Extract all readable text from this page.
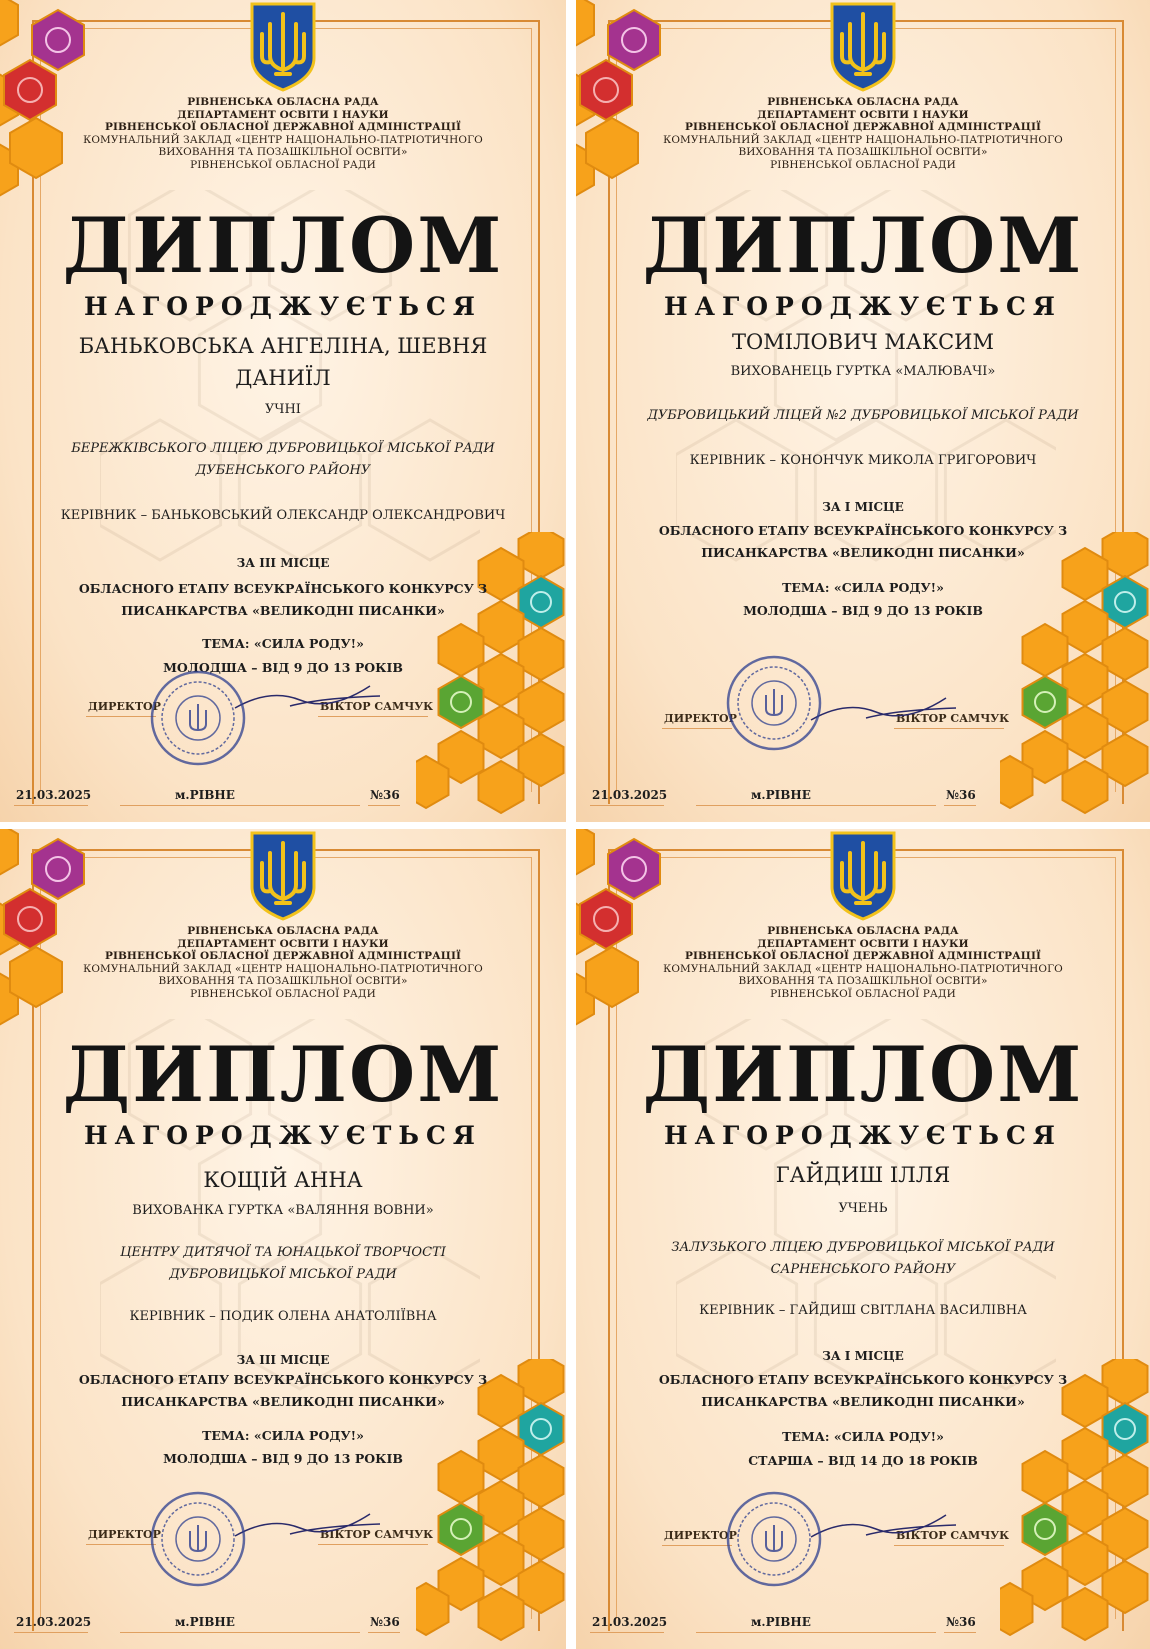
РІВНЕНСЬКА ОБЛАСНА РАДА
ДЕПАРТАМЕНТ ОСВІТИ І НАУКИ
РІВНЕНСЬКОЇ ОБЛАСНОЇ ДЕРЖАВНОЇ АДМІНІСТРАЦІЇ
КОМУНАЛЬНИЙ ЗАКЛАД «ЦЕНТР НАЦІОНАЛЬНО-ПАТРІОТИЧНОГО
ВИХОВАННЯ ТА ПОЗАШКІЛЬНОЇ ОСВІТИ»
РІВНЕНСЬКОЇ ОБЛАСНОЇ РАДИ
ДИПЛОМ
НАГОРОДЖУЄТЬСЯ
БАНЬКОВСЬКА АНГЕЛІНА, ШЕВНЯ
ДАНИЇЛ
УЧНІ
БЕРЕЖКІВСЬКОГО ЛІЦЕЮ ДУБРОВИЦЬКОЇ МІСЬКОЇ РАДИ
ДУБЕНСЬКОГО РАЙОНУ
КЕРІВНИК – БАНЬКОВСЬКИЙ ОЛЕКСАНДР ОЛЕКСАНДРОВИЧ
ЗА ІІІ МІСЦЕ
ОБЛАСНОГО ЕТАПУ ВСЕУКРАЇНСЬКОГО КОНКУРСУ З
ПИСАНКАРСТВА «ВЕЛИКОДНІ ПИСАНКИ»
ТЕМА: «СИЛА РОДУ!»
МОЛОДША – ВІД 9 ДО 13 РОКІВ
ДИРЕКТОР	ВІКТОР САМЧУК
21.03.2025	м.РІВНЕ	№36
РІВНЕНСЬКА ОБЛАСНА РАДА
ДЕПАРТАМЕНТ ОСВІТИ І НАУКИ
РІВНЕНСЬКОЇ ОБЛАСНОЇ ДЕРЖАВНОЇ АДМІНІСТРАЦІЇ
КОМУНАЛЬНИЙ ЗАКЛАД «ЦЕНТР НАЦІОНАЛЬНО-ПАТРІОТИЧНОГО
ВИХОВАННЯ ТА ПОЗАШКІЛЬНОЇ ОСВІТИ»
РІВНЕНСЬКОЇ ОБЛАСНОЇ РАДИ
ДИПЛОМ
НАГОРОДЖУЄТЬСЯ
ТОМІЛОВИЧ МАКСИМ
ВИХОВАНЕЦЬ ГУРТКА «МАЛЮВАЧІ»
ДУБРОВИЦЬКИЙ ЛІЦЕЙ №2 ДУБРОВИЦЬКОЇ МІСЬКОЇ РАДИ
КЕРІВНИК – КОНОНЧУК МИКОЛА ГРИГОРОВИЧ
ЗА І МІСЦЕ
ОБЛАСНОГО ЕТАПУ ВСЕУКРАЇНСЬКОГО КОНКУРСУ З
ПИСАНКАРСТВА «ВЕЛИКОДНІ ПИСАНКИ»
ТЕМА: «СИЛА РОДУ!»
МОЛОДША – ВІД 9 ДО 13 РОКІВ
ДИРЕКТОР	ВІКТОР САМЧУК
21.03.2025	м.РІВНЕ	№36
РІВНЕНСЬКА ОБЛАСНА РАДА
ДЕПАРТАМЕНТ ОСВІТИ І НАУКИ
РІВНЕНСЬКОЇ ОБЛАСНОЇ ДЕРЖАВНОЇ АДМІНІСТРАЦІЇ
КОМУНАЛЬНИЙ ЗАКЛАД «ЦЕНТР НАЦІОНАЛЬНО-ПАТРІОТИЧНОГО
ВИХОВАННЯ ТА ПОЗАШКІЛЬНОЇ ОСВІТИ»
РІВНЕНСЬКОЇ ОБЛАСНОЇ РАДИ
ДИПЛОМ
НАГОРОДЖУЄТЬСЯ
КОЩІЙ АННА
ВИХОВАНКА ГУРТКА «ВАЛЯННЯ ВОВНИ»
ЦЕНТРУ ДИТЯЧОЇ ТА ЮНАЦЬКОЇ ТВОРЧОСТІ
ДУБРОВИЦЬКОЇ МІСЬКОЇ РАДИ
КЕРІВНИК – ПОДИК ОЛЕНА АНАТОЛІЇВНА
ЗА ІІІ МІСЦЕ
ОБЛАСНОГО ЕТАПУ ВСЕУКРАЇНСЬКОГО КОНКУРСУ З
ПИСАНКАРСТВА «ВЕЛИКОДНІ ПИСАНКИ»
ТЕМА: «СИЛА РОДУ!»
МОЛОДША – ВІД 9 ДО 13 РОКІВ
ДИРЕКТОР	ВІКТОР САМЧУК
21.03.2025	м.РІВНЕ	№36
РІВНЕНСЬКА ОБЛАСНА РАДА
ДЕПАРТАМЕНТ ОСВІТИ І НАУКИ
РІВНЕНСЬКОЇ ОБЛАСНОЇ ДЕРЖАВНОЇ АДМІНІСТРАЦІЇ
КОМУНАЛЬНИЙ ЗАКЛАД «ЦЕНТР НАЦІОНАЛЬНО-ПАТРІОТИЧНОГО
ВИХОВАННЯ ТА ПОЗАШКІЛЬНОЇ ОСВІТИ»
РІВНЕНСЬКОЇ ОБЛАСНОЇ РАДИ
ДИПЛОМ
НАГОРОДЖУЄТЬСЯ
ГАЙДИШ ІЛЛЯ
УЧЕНЬ
ЗАЛУЗЬКОГО ЛІЦЕЮ ДУБРОВИЦЬКОЇ МІСЬКОЇ РАДИ
САРНЕНСЬКОГО РАЙОНУ
КЕРІВНИК – ГАЙДИШ СВІТЛАНА ВАСИЛІВНА
ЗА І МІСЦЕ
ОБЛАСНОГО ЕТАПУ ВСЕУКРАЇНСЬКОГО КОНКУРСУ З
ПИСАНКАРСТВА «ВЕЛИКОДНІ ПИСАНКИ»
ТЕМА: «СИЛА РОДУ!»
СТАРША – ВІД 14 ДО 18 РОКІВ
ДИРЕКТОР	ВІКТОР САМЧУК
21.03.2025	м.РІВНЕ	№36
